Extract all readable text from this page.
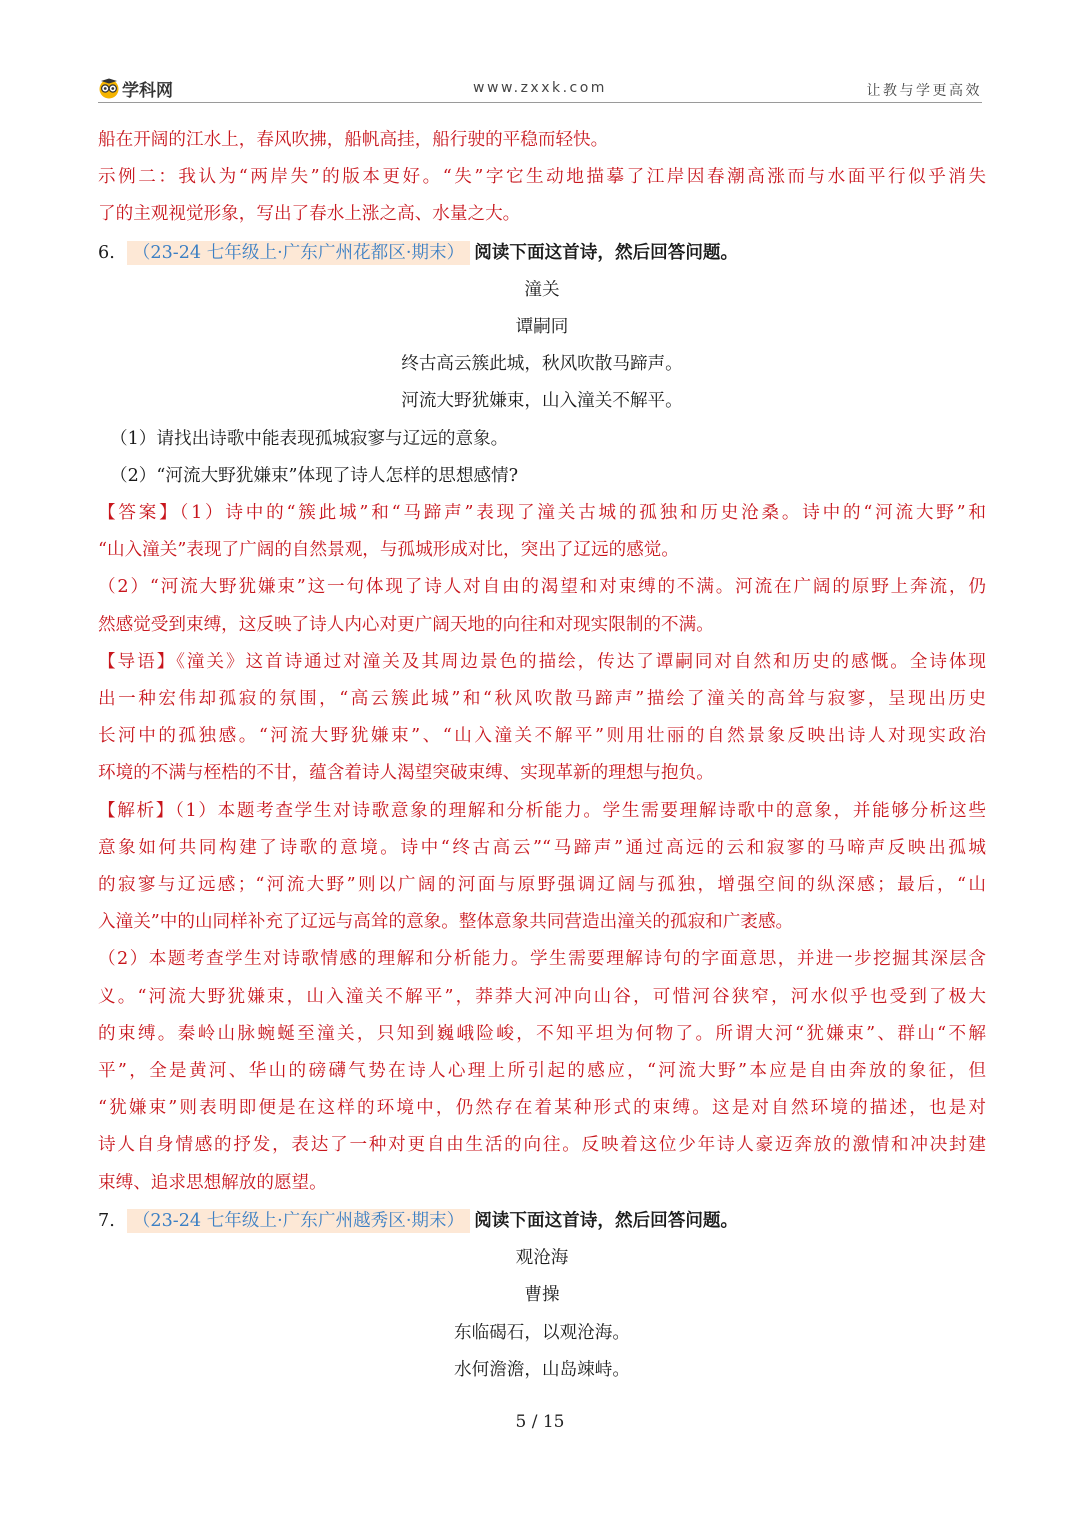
学科网	www.zxxk.com	让教与学更高效

船在开阔的江水上，春风吹拂，船帆高挂，船行驶的平稳而轻快。

示例二：我认为“两岸失”的版本更好。“失”字它生动地描摹了江岸因春潮高涨而与水面平行似乎消失

了的主观视觉形象，写出了春水上涨之高、水量之大。

6. （23-24 七年级上·广东广州花都区·期末） 阅读下面这首诗，然后回答问题。

潼关

谭嗣同

终古高云簇此城，秋风吹散马蹄声。

河流大野犹嫌束，山入潼关不解平。

（1）请找出诗歌中能表现孤城寂寥与辽远的意象。

（2）“河流大野犹嫌束”体现了诗人怎样的思想感情?

【答案】（1）诗中的“簇此城”和“马蹄声”表现了潼关古城的孤独和历史沧桑。诗中的“河流大野”和

“山入潼关”表现了广阔的自然景观，与孤城形成对比，突出了辽远的感觉。

（2）“河流大野犹嫌束”这一句体现了诗人对自由的渴望和对束缚的不满。河流在广阔的原野上奔流，仍

然感觉受到束缚，这反映了诗人内心对更广阔天地的向往和对现实限制的不满。

【导语】《潼关》这首诗通过对潼关及其周边景色的描绘，传达了谭嗣同对自然和历史的感慨。全诗体现

出一种宏伟却孤寂的氛围，“高云簇此城”和“秋风吹散马蹄声”描绘了潼关的高耸与寂寥，呈现出历史

长河中的孤独感。“河流大野犹嫌束”、“山入潼关不解平”则用壮丽的自然景象反映出诗人对现实政治

环境的不满与桎梏的不甘，蕴含着诗人渴望突破束缚、实现革新的理想与抱负。

【解析】（1）本题考查学生对诗歌意象的理解和分析能力。学生需要理解诗歌中的意象，并能够分析这些

意象如何共同构建了诗歌的意境。诗中“终古高云”“马蹄声”通过高远的云和寂寥的马啼声反映出孤城

的寂寥与辽远感；“河流大野”则以广阔的河面与原野强调辽阔与孤独，增强空间的纵深感；最后，“山

入潼关”中的山同样补充了辽远与高耸的意象。整体意象共同营造出潼关的孤寂和广袤感。

（2）本题考查学生对诗歌情感的理解和分析能力。学生需要理解诗句的字面意思，并进一步挖掘其深层含

义。“河流大野犹嫌束，山入潼关不解平”，莽莽大河冲向山谷，可惜河谷狭窄，河水似乎也受到了极大

的束缚。秦岭山脉蜿蜒至潼关，只知到巍峨险峻，不知平坦为何物了。所谓大河“犹嫌束”、群山“不解

平”，全是黄河、华山的磅礴气势在诗人心理上所引起的感应，“河流大野”本应是自由奔放的象征，但

“犹嫌束”则表明即便是在这样的环境中，仍然存在着某种形式的束缚。这是对自然环境的描述，也是对

诗人自身情感的抒发，表达了一种对更自由生活的向往。反映着这位少年诗人豪迈奔放的激情和冲决封建

束缚、追求思想解放的愿望。

7. （23-24 七年级上·广东广州越秀区·期末） 阅读下面这首诗，然后回答问题。

观沧海

曹操

东临碣石，以观沧海。

水何澹澹，山岛竦峙。

5 / 15
